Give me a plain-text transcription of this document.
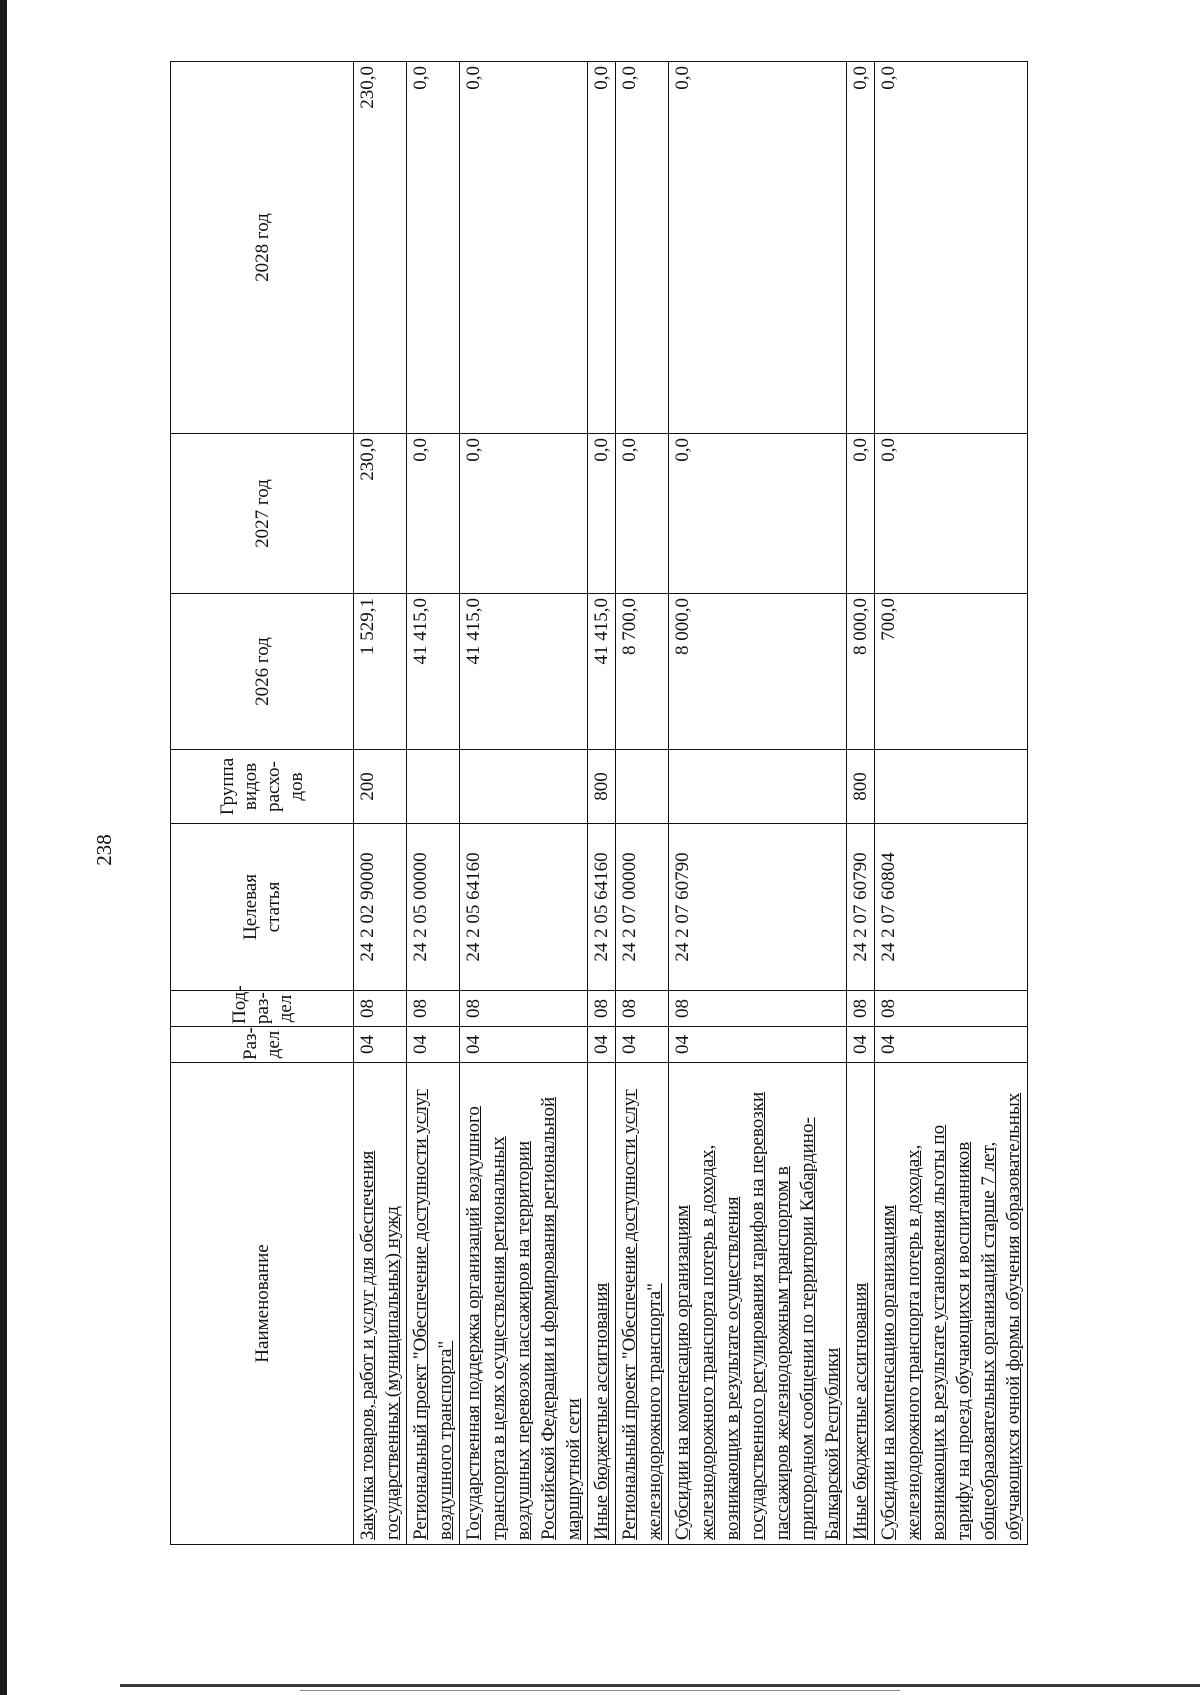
238
Наименование	Раз- дел	Под- раз- дел	Целевая статья	Группа видов расхо- дов	2026 год	2027 год	2028 год
Закупка товаров, работ и услуг для обеспечения государственных (муниципальных) нужд	04	08	24 2 02 90000	200	1 529,1	230,0	230,0
Региональный проект "Обеспечение доступности услуг воздушного транспорта"	04	08	24 2 05 00000		41 415,0	0,0	0,0
Государственная поддержка организаций воздушного транспорта в целях осуществления региональных воздушных перевозок пассажиров на территории Российской Федерации и формирования региональной маршрутной сети	04	08	24 2 05 64160		41 415,0	0,0	0,0
Иные бюджетные ассигнования	04	08	24 2 05 64160	800	41 415,0	0,0	0,0
Региональный проект "Обеспечение доступности услуг железнодорожного транспорта"	04	08	24 2 07 00000		8 700,0	0,0	0,0
Субсидии на компенсацию организациям железнодорожного транспорта потерь в доходах, возникающих в результате осуществления государственного регулирования тарифов на перевозки пассажиров железнодорожным транспортом в пригородном сообщении по территории Кабардино-Балкарской Республики	04	08	24 2 07 60790		8 000,0	0,0	0,0
Иные бюджетные ассигнования	04	08	24 2 07 60790	800	8 000,0	0,0	0,0
Субсидии на компенсацию организациям железнодорожного транспорта потерь в доходах, возникающих в результате установления льготы по тарифу на проезд обучающихся и воспитанников общеобразовательных организаций старше 7 лет, обучающихся очной формы обучения образовательных	04	08	24 2 07 60804		700,0	0,0	0,0
